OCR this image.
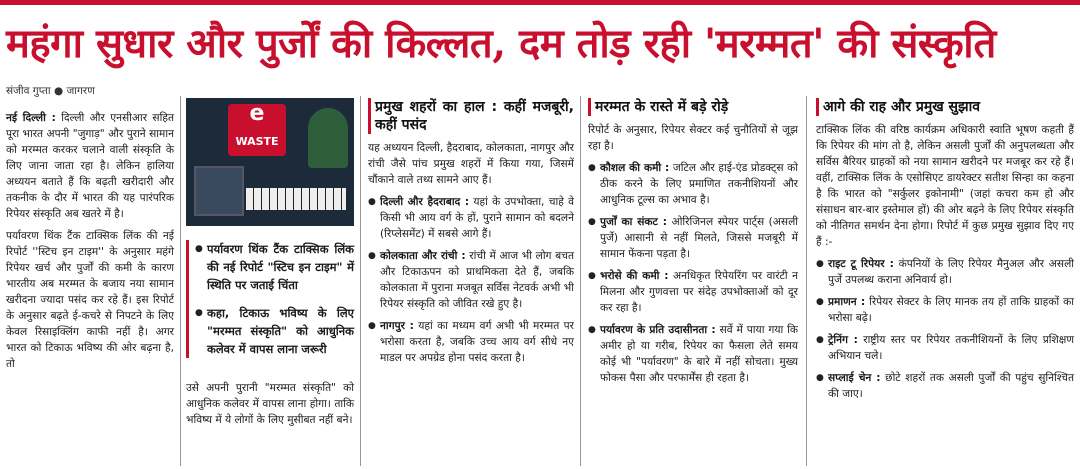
महंगा सुधार और पुर्जों की किल्लत, दम तोड़ रही 'मरम्मत' की संस्कृति
संजीव गुप्ता ● जागरण

नई दिल्ली : दिल्ली और एनसीआर सहित पूरा भारत अपनी "जुगाड़" और पुराने सामान को मरम्मत करकर चलाने वाली संस्कृति के लिए जाना जाता रहा है। लेकिन हालिया अध्ययन बताते हैं कि बढ़ती खरीदारी और तकनीक के दौर में भारत की यह पारंपरिक रिपेयर संस्कृति अब खतरे में है।

पर्यावरण थिंक टैंक टाक्सिक लिंक की नई रिपोर्ट ''स्टिच इन टाइम'' के अनुसार महंगे रिपेयर खर्च और पुर्जों की कमी के कारण भारतीय अब मरम्मत के बजाय नया सामान खरीदना ज्यादा पसंद कर रहे हैं। इस रिपोर्ट के अनुसार बढ़ते ई-कचरे से निपटने के लिए केवल रिसाइक्लिंग काफी नहीं है। अगर भारत को टिकाऊ भविष्य की ओर बढ़ना है, तो

e WASTE
● पर्यावरण थिंक टैंक टाक्सिक लिंक की नई रिपोर्ट "स्टिच इन टाइम" में स्थिति पर जताई चिंता
● कहा, टिकाऊ भविष्य के लिए "मरम्मत संस्कृति" को आधुनिक कलेवर में वापस लाना जरूरी

उसे अपनी पुरानी "मरम्मत संस्कृति" को आधुनिक कलेवर में वापस लाना होगा। ताकि भविष्य में ये लोगों के लिए मुसीबत नहीं बने।

प्रमुख शहरों का हाल : कहीं मजबूरी, कहीं पसंद

यह अध्ययन दिल्ली, हैदराबाद, कोलकाता, नागपुर और रांची जैसे पांच प्रमुख शहरों में किया गया, जिसमें चौंकाने वाले तथ्य सामने आए हैं।

● दिल्ली और हैदराबाद : यहां के उपभोक्ता, चाहे वे किसी भी आय वर्ग के हों, पुराने सामान को बदलने (रिप्लेसमेंट) में सबसे आगे हैं।
● कोलकाता और रांची : रांची में आज भी लोग बचत और टिकाऊपन को प्राथमिकता देते हैं, जबकि कोलकाता में पुराना मजबूत सर्विस नेटवर्क अभी भी रिपेयर संस्कृति को जीवित रखे हुए है।
● नागपुर : यहां का मध्यम वर्ग अभी भी मरम्मत पर भरोसा करता है, जबकि उच्च आय वर्ग सीधे नए माडल पर अपग्रेड होना पसंद करता है।
मरम्मत के रास्ते में बड़े रोड़े

रिपोर्ट के अनुसार, रिपेयर सेक्टर कई चुनौतियों से जूझ रहा है।

● कौशल की कमी : जटिल और हाई-एंड प्रोडक्ट्स को ठीक करने के लिए प्रमाणित तकनीशियनों और आधुनिक टूल्स का अभाव है।
● पुर्जों का संकट : ओरिजिनल स्पेयर पार्ट्स (असली पुर्जे) आसानी से नहीं मिलते, जिससे मजबूरी में सामान फेंकना पड़ता है।
● भरोसे की कमी : अनधिकृत रिपेयरिंग पर वारंटी न मिलना और गुणवत्ता पर संदेह उपभोक्ताओं को दूर कर रहा है।
● पर्यावरण के प्रति उदासीनता : सर्वे में पाया गया कि अमीर हो या गरीब, रिपेयर का फैसला लेते समय कोई भी "पर्यावरण" के बारे में नहीं सोचता। मुख्य फोकस पैसा और परफार्मेंस ही रहता है।
आगे की राह और प्रमुख सुझाव

टाक्सिक लिंक की वरिष्ठ कार्यक्रम अधिकारी स्वाति भूषण कहती हैं कि रिपेयर की मांग तो है, लेकिन असली पुर्जों की अनुपलब्धता और सर्विस बैरियर ग्राहकों को नया सामान खरीदने पर मजबूर कर रहे हैं। वहीं, टाक्सिक लिंक के एसोसिएट डायरेक्टर सतीश सिन्हा का कहना है कि भारत को "सर्कुलर इकोनामी" (जहां कचरा कम हो और संसाधन बार-बार इस्तेमाल हों) की ओर बढ़ने के लिए रिपेयर संस्कृति को नीतिगत समर्थन देना होगा। रिपोर्ट में कुछ प्रमुख सुझाव दिए गए हैं :-

● राइट टू रिपेयर : कंपनियों के लिए रिपेयर मैनुअल और असली पुर्जे उपलब्ध कराना अनिवार्य हो।
● प्रमाणन : रिपेयर सेक्टर के लिए मानक तय हों ताकि ग्राहकों का भरोसा बढ़े।
● ट्रेनिंग : राष्ट्रीय स्तर पर रिपेयर तकनीशियनों के लिए प्रशिक्षण अभियान चले।
● सप्लाई चेन : छोटे शहरों तक असली पुर्जों की पहुंच सुनिश्चित की जाए।
